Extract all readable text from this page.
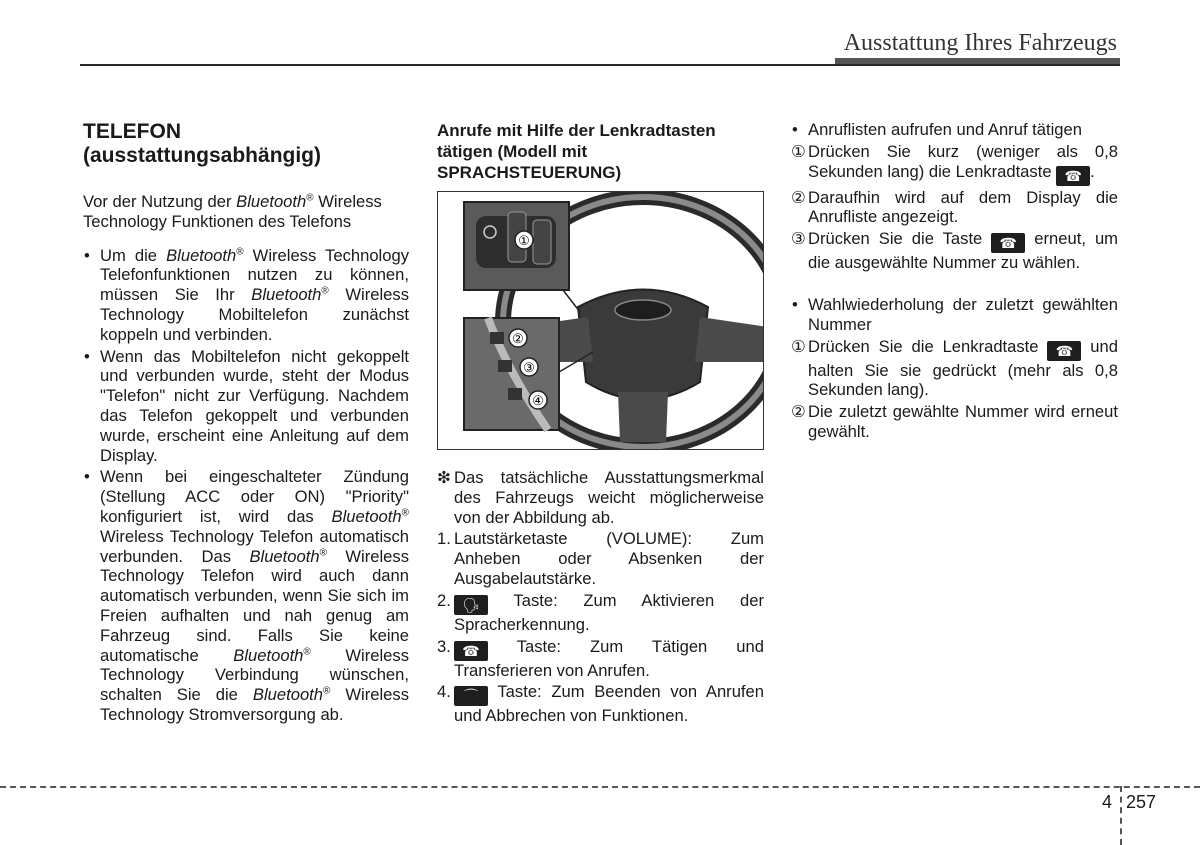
Ausstattung Ihres Fahrzeugs
TELEFON
(ausstattungsabhängig)

Vor der Nutzung der Bluetooth® Wireless Technology Funktionen des Telefons

• Um die Bluetooth® Wireless Technology Telefonfunktionen nutzen zu können, müssen Sie Ihr Bluetooth® Wireless Technology Mobiltelefon zunächst koppeln und verbinden.
• Wenn das Mobiltelefon nicht gekoppelt und verbunden wurde, steht der Modus "Telefon" nicht zur Verfügung. Nachdem das Telefon gekoppelt und verbunden wurde, erscheint eine Anleitung auf dem Display.
• Wenn bei eingeschalteter Zündung (Stellung ACC oder ON) "Priority" konfiguriert ist, wird das Bluetooth® Wireless Technology Telefon automatisch verbunden. Das Bluetooth® Wireless Technology Telefon wird auch dann automatisch verbunden, wenn Sie sich im Freien aufhalten und nah genug am Fahrzeug sind. Falls Sie keine automatische Bluetooth® Wireless Technology Verbindung wünschen, schalten Sie die Bluetooth® Wireless Technology Stromversorgung ab.
Anrufe mit Hilfe der Lenkradtasten tätigen (Modell mit SPRACHSTEUERUNG)
①
②
③
④
❇ Das tatsächliche Ausstattungsmerkmal des Fahrzeugs weicht möglicherweise von der Abbildung ab.

1. Lautstärketaste (VOLUME): Zum Anheben oder Absenken der Ausgabelautstärke.
2. 🗣︎ Taste: Zum Aktivieren der Spracherkennung.
3. ☎︎ Taste: Zum Tätigen und Transferieren von Anrufen.
4. ⌒ Taste: Zum Beenden von Anrufen und Abbrechen von Funktionen.
• Anruflisten aufrufen und Anruf tätigen
① Drücken Sie kurz (weniger als 0,8 Sekunden lang) die Lenkradtaste ☎︎ .
② Daraufhin wird auf dem Display die Anrufliste angezeigt.
③ Drücken Sie die Taste ☎︎ erneut, um die ausgewählte Nummer zu wählen.
• Wahlwiederholung der zuletzt gewählten Nummer
① Drücken Sie die Lenkradtaste ☎︎ und halten Sie sie gedrückt (mehr als 0,8 Sekunden lang).
② Die zuletzt gewählte Nummer wird erneut gewählt.
4 257
